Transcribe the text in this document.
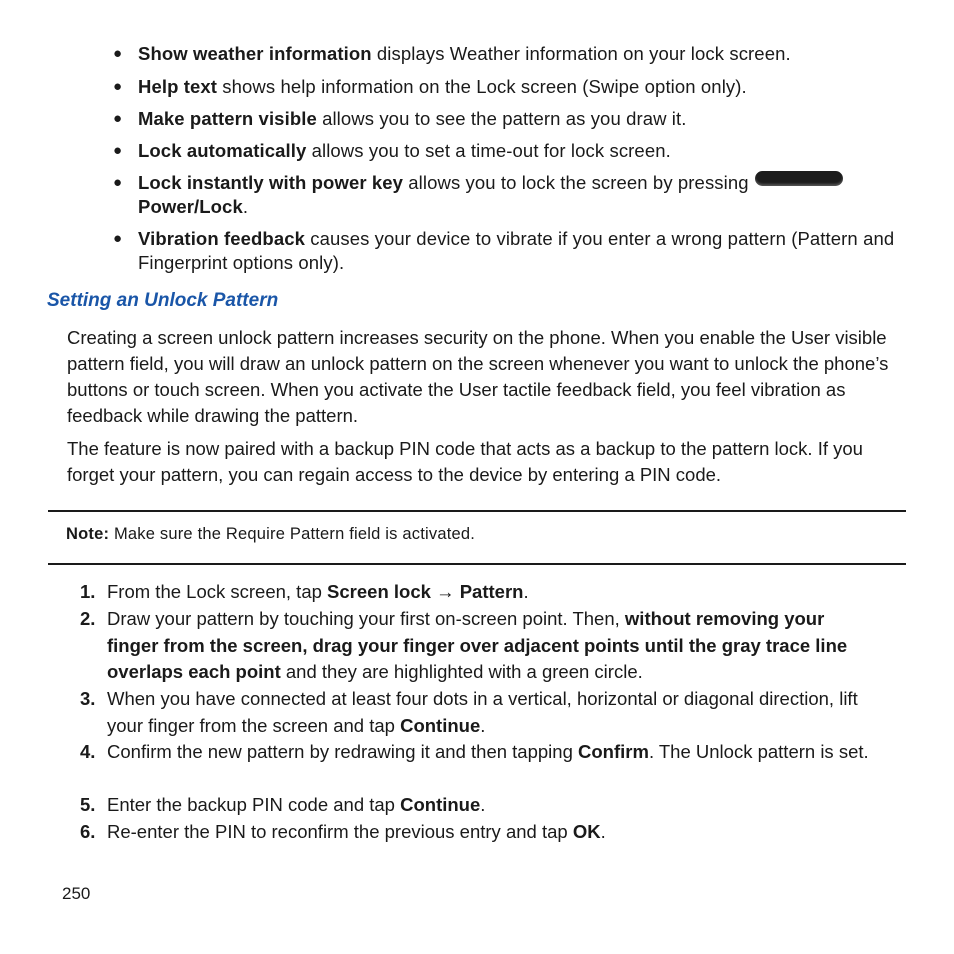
● Show weather information displays Weather information on your lock screen.
● Help text shows help information on the Lock screen (Swipe option only).
● Make pattern visible allows you to see the pattern as you draw it.
● Lock automatically allows you to set a time-out for lock screen.
● Lock instantly with power key allows you to lock the screen by pressing
Power/Lock.
● Vibration feedback causes your device to vibrate if you enter a wrong pattern (Pattern and Fingerprint options only).
Setting an Unlock Pattern
Creating a screen unlock pattern increases security on the phone. When you enable the User visible pattern field, you will draw an unlock pattern on the screen whenever you want to unlock the phone’s buttons or touch screen. When you activate the User tactile feedback field, you feel vibration as feedback while drawing the pattern.
The feature is now paired with a backup PIN code that acts as a backup to the pattern lock. If you forget your pattern, you can regain access to the device by entering a PIN code.
Note: Make sure the Require Pattern field is activated.
1. From the Lock screen, tap Screen lock → Pattern.
2. Draw your pattern by touching your first on-screen point. Then, without removing your finger from the screen, drag your finger over adjacent points until the gray trace line overlaps each point and they are highlighted with a green circle.
3. When you have connected at least four dots in a vertical, horizontal or diagonal direction, lift your finger from the screen and tap Continue.
4. Confirm the new pattern by redrawing it and then tapping Confirm. The Unlock pattern is set.
5. Enter the backup PIN code and tap Continue.
6. Re-enter the PIN to reconfirm the previous entry and tap OK.
250
